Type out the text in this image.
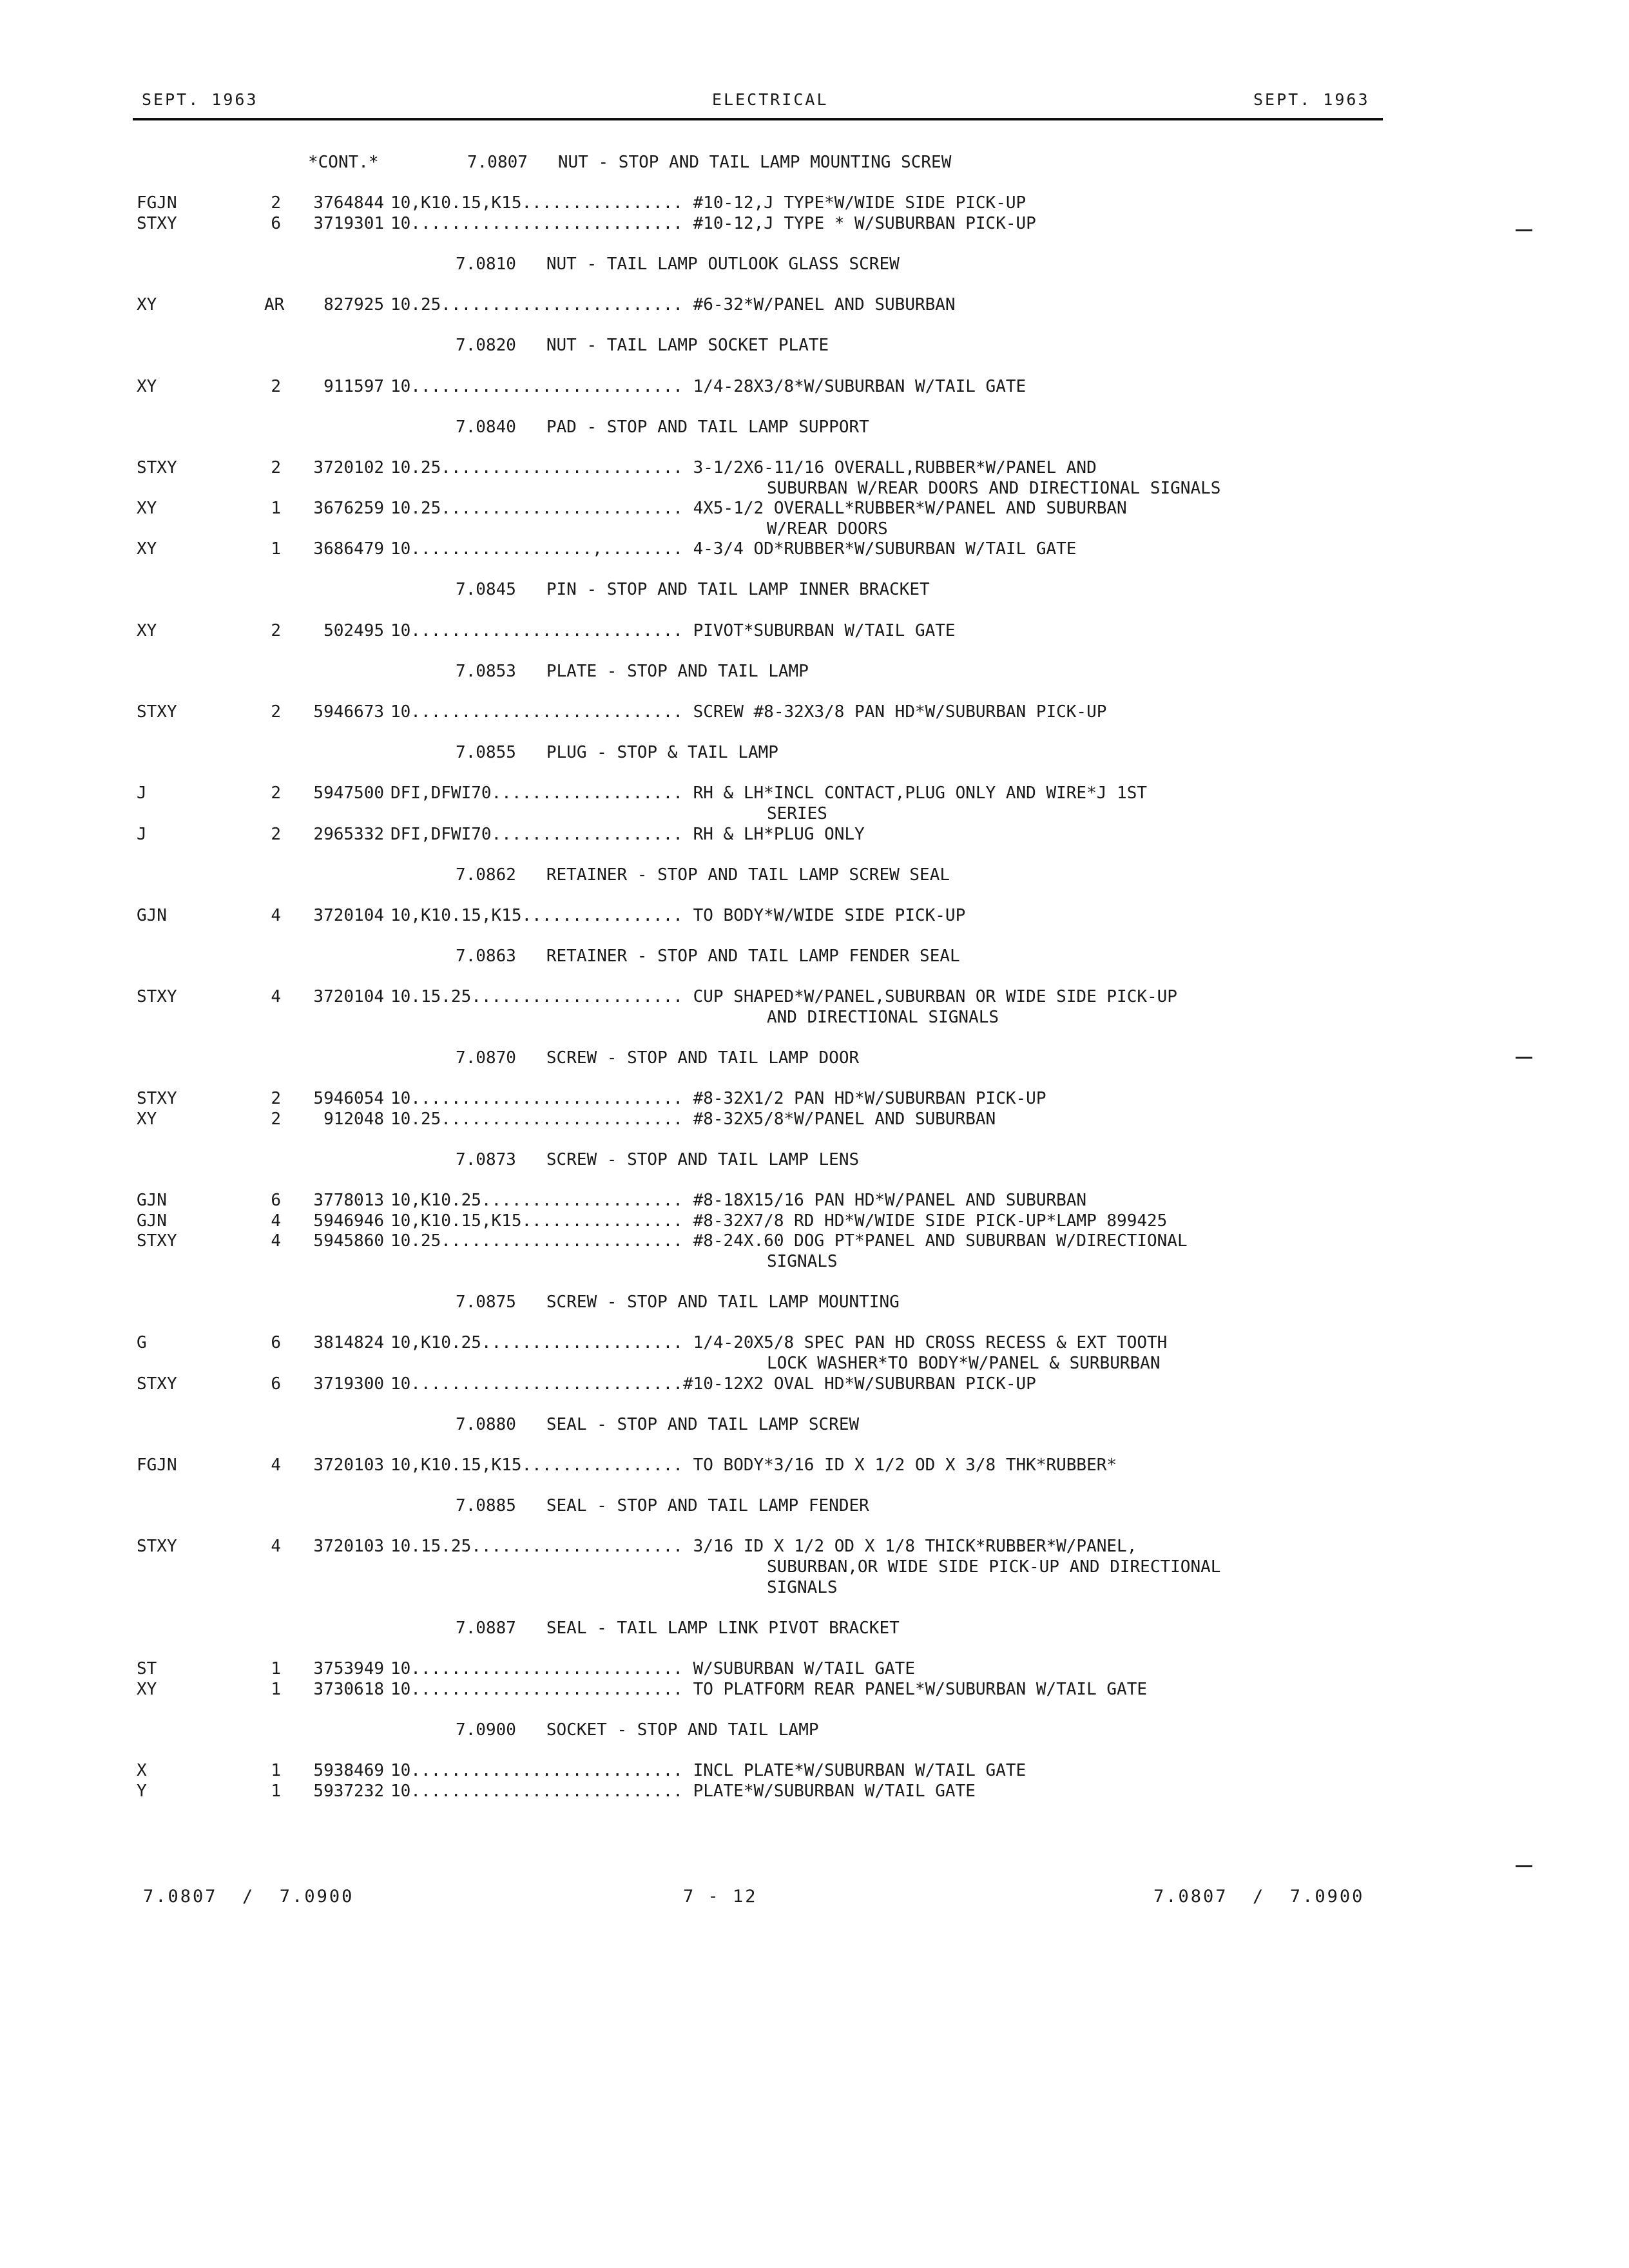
SEPT. 1963	ELECTRICAL	SEPT. 1963
*CONT.*	7.0807   NUT - STOP AND TAIL LAMP MOUNTING SCREW
FGJN	2	3764844 10,K10.15,K15................ #10-12,J TYPE*W/WIDE SIDE PICK-UP
STXY	6	3719301 10........................... #10-12,J TYPE * W/SUBURBAN PICK-UP
7.0810   NUT - TAIL LAMP OUTLOOK GLASS SCREW
XY	AR	827925 10.25........................ #6-32*W/PANEL AND SUBURBAN
7.0820   NUT - TAIL LAMP SOCKET PLATE
XY	2	911597 10........................... 1/4-28X3/8*W/SUBURBAN W/TAIL GATE
7.0840   PAD - STOP AND TAIL LAMP SUPPORT
STXY	2	3720102 10.25........................ 3-1/2X6-11/16 OVERALL,RUBBER*W/PANEL AND
SUBURBAN W/REAR DOORS AND DIRECTIONAL SIGNALS
XY	1	3676259 10.25........................ 4X5-1/2 OVERALL*RUBBER*W/PANEL AND SUBURBAN
W/REAR DOORS
XY	1	3686479 10..................,........ 4-3/4 OD*RUBBER*W/SUBURBAN W/TAIL GATE
7.0845   PIN - STOP AND TAIL LAMP INNER BRACKET
XY	2	502495 10........................... PIVOT*SUBURBAN W/TAIL GATE
7.0853   PLATE - STOP AND TAIL LAMP
STXY	2	5946673 10........................... SCREW #8-32X3/8 PAN HD*W/SUBURBAN PICK-UP
7.0855   PLUG - STOP & TAIL LAMP
J	2	5947500 DFI,DFWI70................... RH & LH*INCL CONTACT,PLUG ONLY AND WIRE*J 1ST
SERIES
J	2	2965332 DFI,DFWI70................... RH & LH*PLUG ONLY
7.0862   RETAINER - STOP AND TAIL LAMP SCREW SEAL
GJN	4	3720104 10,K10.15,K15................ TO BODY*W/WIDE SIDE PICK-UP
7.0863   RETAINER - STOP AND TAIL LAMP FENDER SEAL
STXY	4	3720104 10.15.25..................... CUP SHAPED*W/PANEL,SUBURBAN OR WIDE SIDE PICK-UP
AND DIRECTIONAL SIGNALS
7.0870   SCREW - STOP AND TAIL LAMP DOOR
STXY	2	5946054 10........................... #8-32X1/2 PAN HD*W/SUBURBAN PICK-UP
XY	2	912048 10.25........................ #8-32X5/8*W/PANEL AND SUBURBAN
7.0873   SCREW - STOP AND TAIL LAMP LENS
GJN	6	3778013 10,K10.25.................... #8-18X15/16 PAN HD*W/PANEL AND SUBURBAN
GJN	4	5946946 10,K10.15,K15................ #8-32X7/8 RD HD*W/WIDE SIDE PICK-UP*LAMP 899425
STXY	4	5945860 10.25........................ #8-24X.60 DOG PT*PANEL AND SUBURBAN W/DIRECTIONAL
SIGNALS
7.0875   SCREW - STOP AND TAIL LAMP MOUNTING
G	6	3814824 10,K10.25.................... 1/4-20X5/8 SPEC PAN HD CROSS RECESS & EXT TOOTH
LOCK WASHER*TO BODY*W/PANEL & SURBURBAN
STXY	6	3719300 10...........................#10-12X2 OVAL HD*W/SUBURBAN PICK-UP
7.0880   SEAL - STOP AND TAIL LAMP SCREW
FGJN	4	3720103 10,K10.15,K15................ TO BODY*3/16 ID X 1/2 OD X 3/8 THK*RUBBER*
7.0885   SEAL - STOP AND TAIL LAMP FENDER
STXY	4	3720103 10.15.25..................... 3/16 ID X 1/2 OD X 1/8 THICK*RUBBER*W/PANEL,
SUBURBAN,OR WIDE SIDE PICK-UP AND DIRECTIONAL
SIGNALS
7.0887   SEAL - TAIL LAMP LINK PIVOT BRACKET
ST	1	3753949 10........................... W/SUBURBAN W/TAIL GATE
XY	1	3730618 10........................... TO PLATFORM REAR PANEL*W/SUBURBAN W/TAIL GATE
7.0900   SOCKET - STOP AND TAIL LAMP
X	1	5938469 10........................... INCL PLATE*W/SUBURBAN W/TAIL GATE
Y	1	5937232 10........................... PLATE*W/SUBURBAN W/TAIL GATE
7.0807  /  7.0900	7 - 12	7.0807  /  7.0900
